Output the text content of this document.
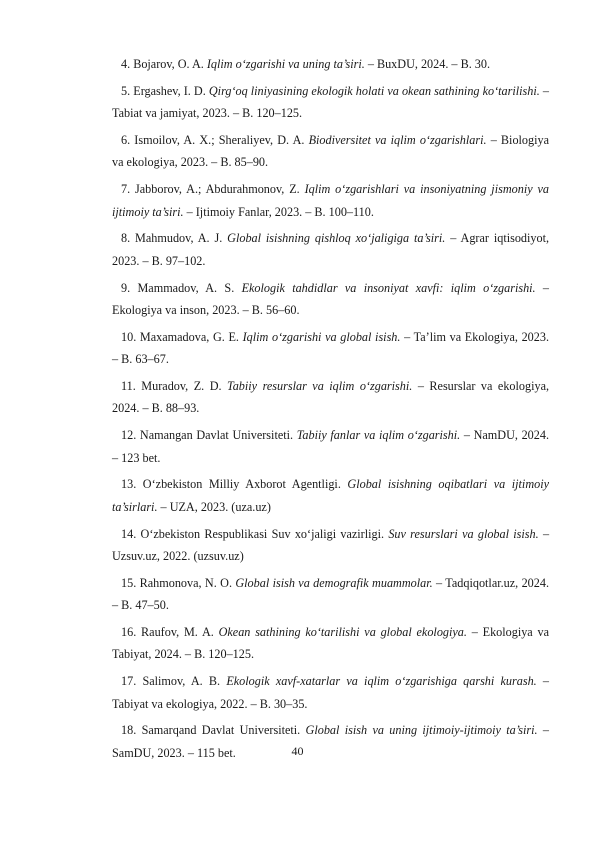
4. Bojarov, O. A. Iqlim o‘zgarishi va uning ta’siri. – BuxDU, 2024. – B. 30.

5. Ergashev, I. D. Qirg‘oq liniyasining ekologik holati va okean sathining ko‘tarilishi. – Tabiat va jamiyat, 2023. – B. 120–125.

6. Ismoilov, A. X.; Sheraliyev, D. A. Biodiversitet va iqlim o‘zgarishlari. – Biologiya va ekologiya, 2023. – B. 85–90.

7. Jabborov, A.; Abdurahmonov, Z. Iqlim o‘zgarishlari va insoniyatning jismoniy va ijtimoiy ta’siri. – Ijtimoiy Fanlar, 2023. – B. 100–110.

8. Mahmudov, A. J. Global isishning qishloq xo‘jaligiga ta’siri. – Agrar iqtisodiyot, 2023. – B. 97–102.

9. Mammadov, A. S. Ekologik tahdidlar va insoniyat xavfi: iqlim o‘zgarishi. – Ekologiya va inson, 2023. – B. 56–60.

10. Maxamadova, G. E. Iqlim o‘zgarishi va global isish. – Ta’lim va Ekologiya, 2023. – B. 63–67.

11. Muradov, Z. D. Tabiiy resurslar va iqlim o‘zgarishi. – Resurslar va ekologiya, 2024. – B. 88–93.

12. Namangan Davlat Universiteti. Tabiiy fanlar va iqlim o‘zgarishi. – NamDU, 2024. – 123 bet.

13. O‘zbekiston Milliy Axborot Agentligi. Global isishning oqibatlari va ijtimoiy ta’sirlari. – UZA, 2023. (uza.uz)

14. O‘zbekiston Respublikasi Suv xo‘jaligi vazirligi. Suv resurslari va global isish. – Uzsuv.uz, 2022. (uzsuv.uz)

15. Rahmonova, N. O. Global isish va demografik muammolar. – Tadqiqotlar.uz, 2024. – B. 47–50.

16. Raufov, M. A. Okean sathining ko‘tarilishi va global ekologiya. – Ekologiya va Tabiyat, 2024. – B. 120–125.

17. Salimov, A. B. Ekologik xavf-xatarlar va iqlim o‘zgarishiga qarshi kurash. – Tabiyat va ekologiya, 2022. – B. 30–35.

18. Samarqand Davlat Universiteti. Global isish va uning ijtimoiy-ijtimoiy ta’siri. – SamDU, 2023. – 115 bet.	40
